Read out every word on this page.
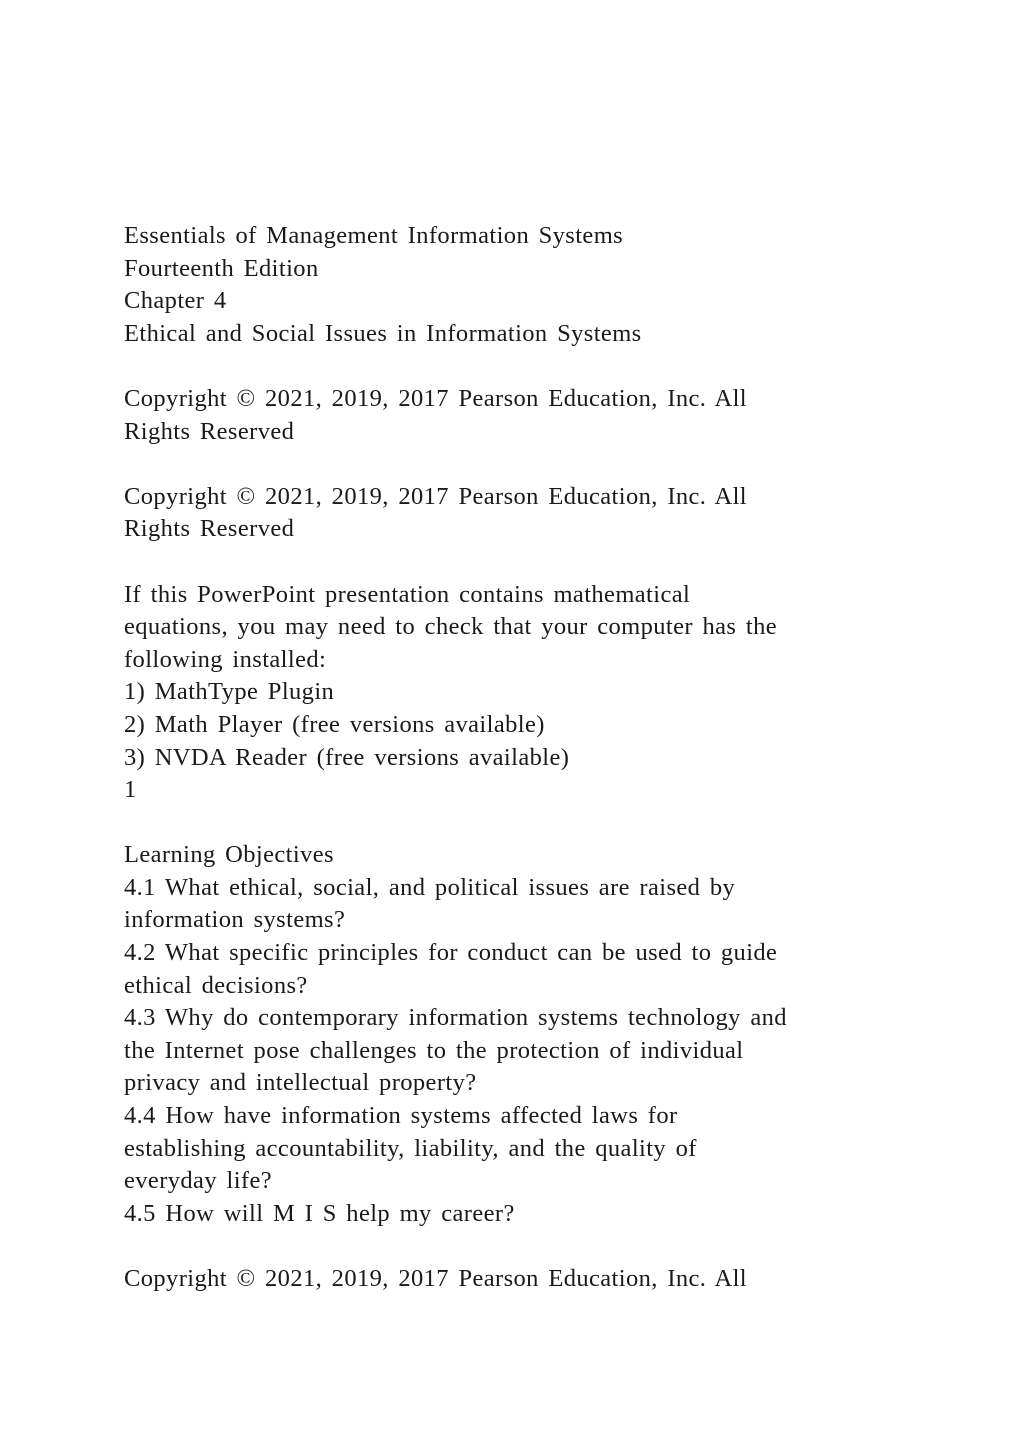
Essentials of Management Information Systems
Fourteenth Edition
Chapter 4
Ethical and Social Issues in Information Systems
Copyright © 2021, 2019, 2017 Pearson Education, Inc. All
Rights Reserved
Copyright © 2021, 2019, 2017 Pearson Education, Inc. All
Rights Reserved
If this PowerPoint presentation contains mathematical
equations, you may need to check that your computer has the
following installed:
1) MathType Plugin
2) Math Player (free versions available)
3) NVDA Reader (free versions available)
1
Learning Objectives
4.1 What ethical, social, and political issues are raised by
information systems?
4.2 What specific principles for conduct can be used to guide
ethical decisions?
4.3 Why do contemporary information systems technology and
the Internet pose challenges to the protection of individual
privacy and intellectual property?
4.4 How have information systems affected laws for
establishing accountability, liability, and the quality of
everyday life?
4.5 How will M I S help my career?
Copyright © 2021, 2019, 2017 Pearson Education, Inc. All
